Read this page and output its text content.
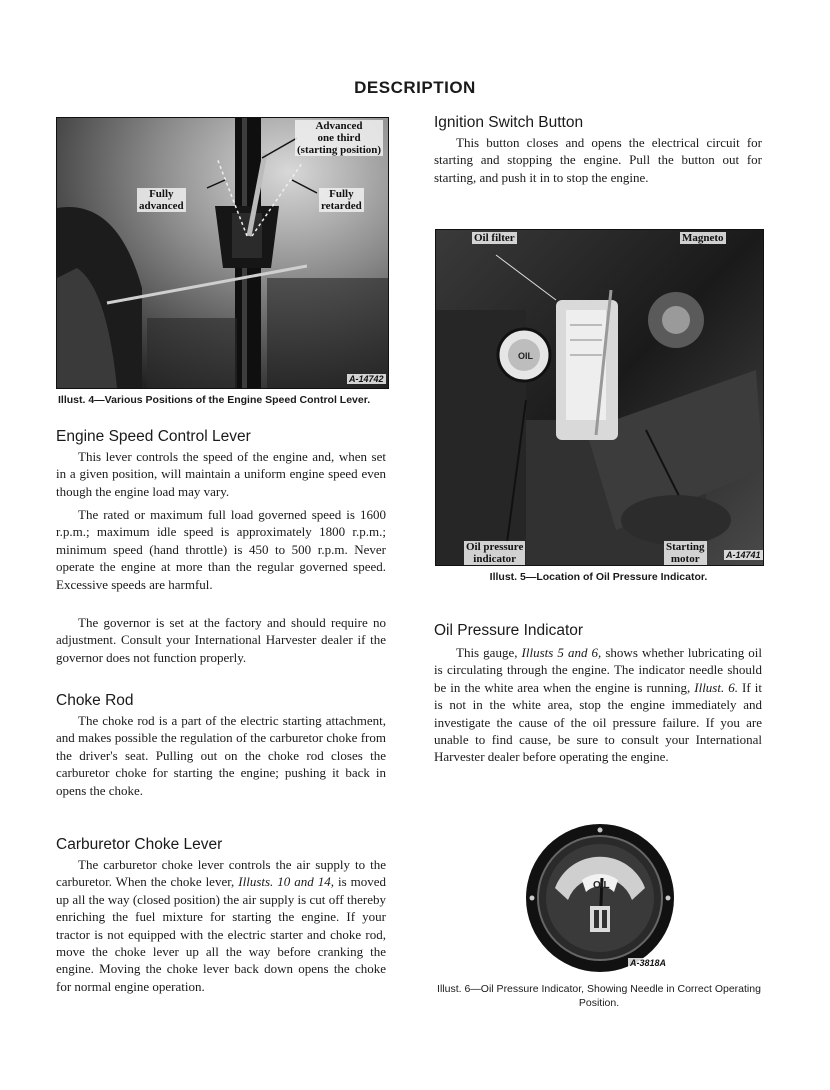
DESCRIPTION
Advanced
one third
(starting position)
Fully
advanced
Fully
retarded
A-14742
Illust. 4—Various Positions of the Engine Speed Control Lever.
Engine Speed Control Lever

This lever controls the speed of the engine and, when set in a given position, will maintain a uniform engine speed even though the engine load may vary.

The rated or maximum full load governed speed is 1600 r.p.m.; maximum idle speed is approximately 1800 r.p.m.; minimum speed (hand throttle) is 450 to 500 r.p.m. Never operate the engine at more than the regular governed speed. Excessive speeds are harmful.

The governor is set at the factory and should require no adjustment. Consult your International Harvester dealer if the governor does not function properly.

Choke Rod

The choke rod is a part of the electric starting attachment, and makes possible the regulation of the carburetor choke from the driver's seat. Pulling out on the choke rod closes the carburetor choke for starting the engine; pushing it back in opens the choke.

Carburetor Choke Lever

The carburetor choke lever controls the air supply to the carburetor. When the choke lever, Illusts. 10 and 14, is moved up all the way (closed position) the air supply is cut off thereby enriching the fuel mixture for starting the engine. If your tractor is not equipped with the electric starter and choke rod, move the choke lever up all the way before cranking the engine. Moving the choke lever back down opens the choke for normal engine operation.

Ignition Switch Button

This button closes and opens the electrical circuit for starting and stopping the engine. Pull the button out for starting, and push it in to stop the engine.

OIL
Oil filter	Magneto
Oil pressure
indicator
Starting
motor	A-14741
Illust. 5—Location of Oil Pressure Indicator.
Oil Pressure Indicator

This gauge, Illusts 5 and 6, shows whether lubricating oil is circulating through the engine. The indicator needle should be in the white area when the engine is running, Illust. 6. If it is not in the white area, stop the engine immediately and investigate the cause of the oil pressure failure. If you are unable to find cause, be sure to consult your International Harvester dealer before operating the engine.

OIL
A-3818A
Illust. 6—Oil Pressure Indicator, Showing Needle in Correct Operating Position.
